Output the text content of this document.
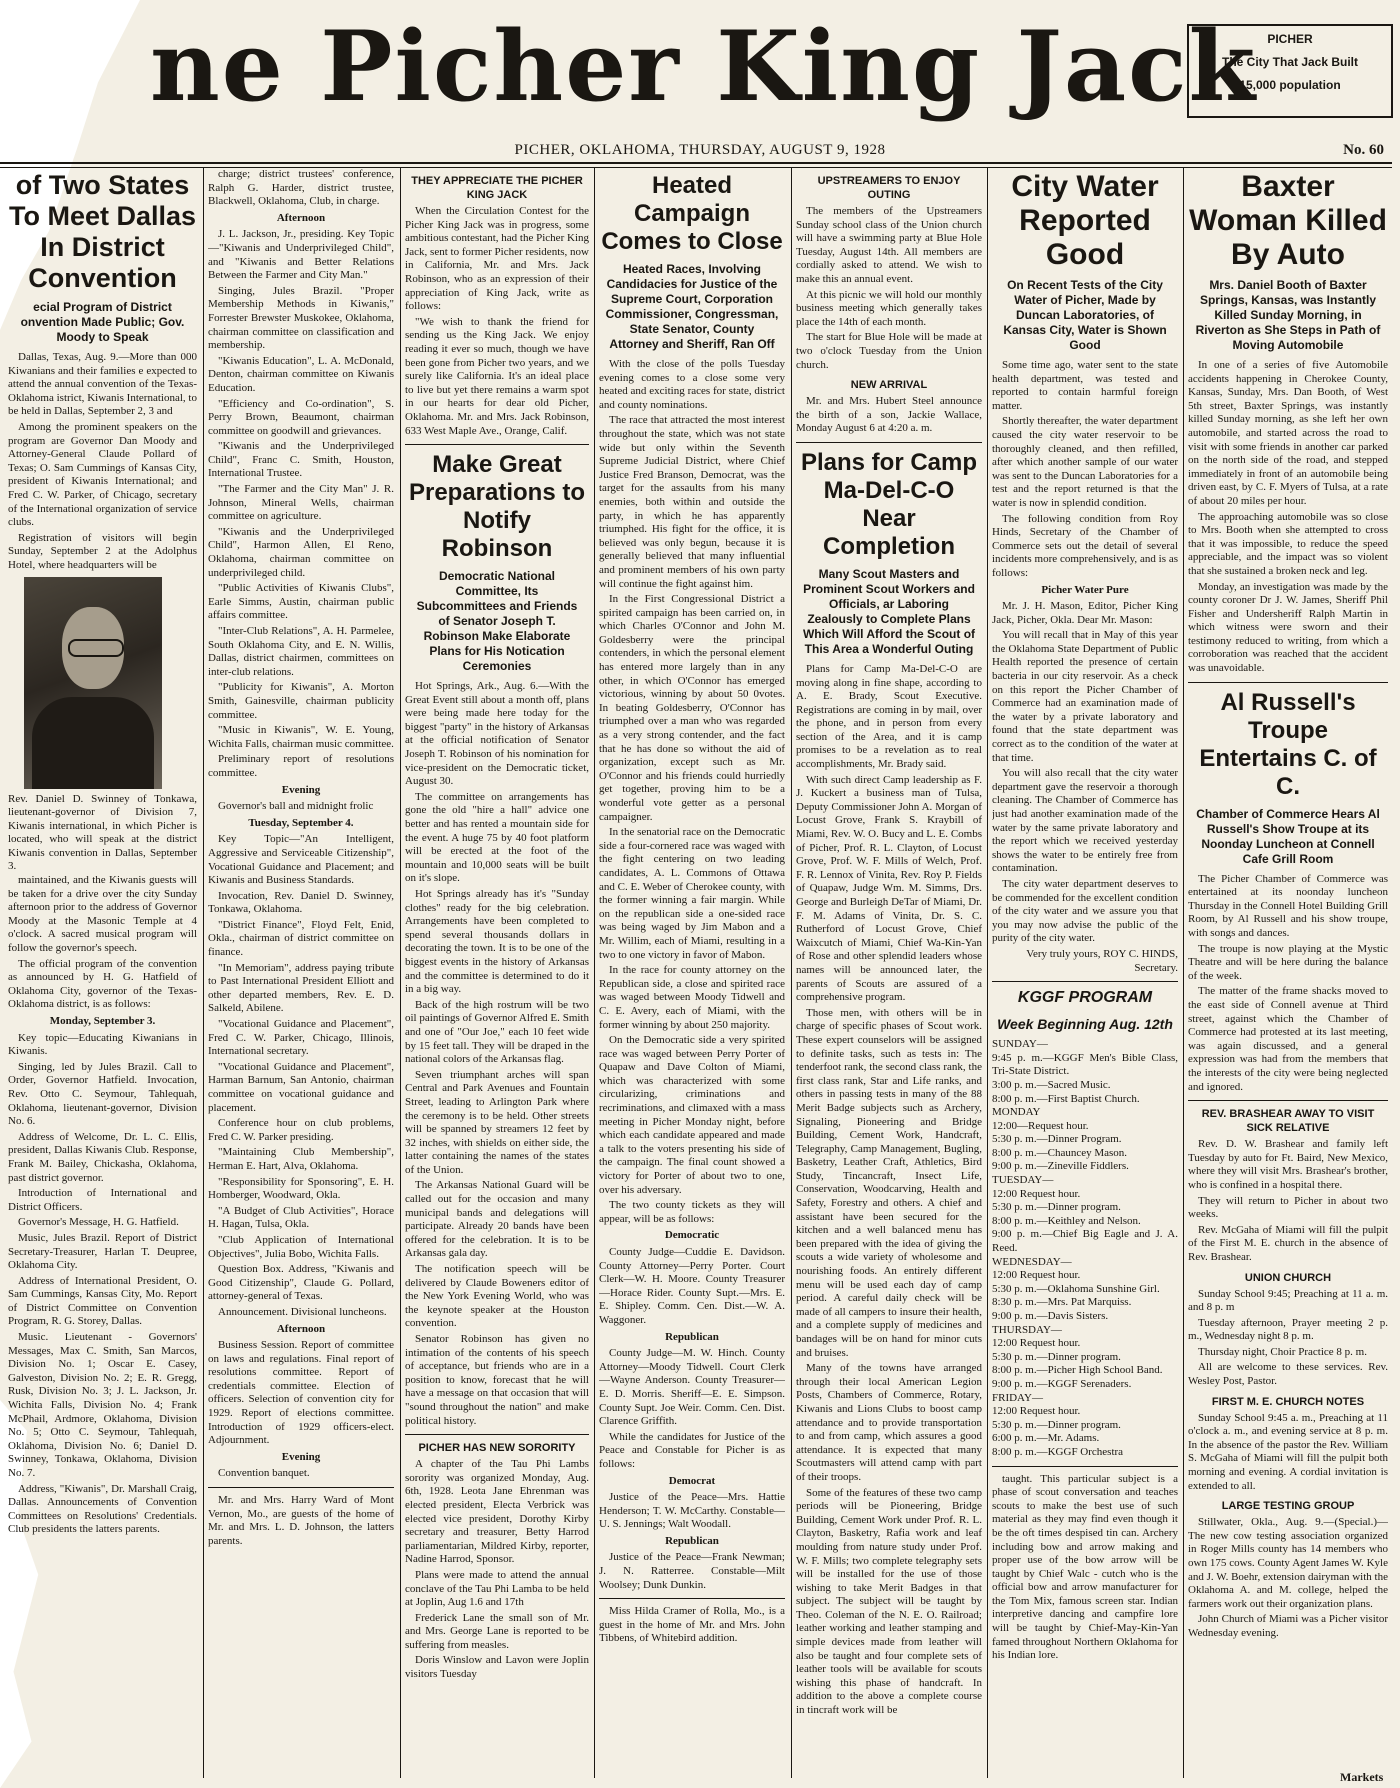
ne Picher King Jack PICHER
The City That Jack Built
15,000 population
PICHER, OKLAHOMA, THURSDAY, AUGUST 9, 1928	No. 60
of Two States To Meet Dallas In District Convention
ecial Program of District onvention Made Public; Gov. Moody to Speak

Dallas, Texas, Aug. 9.—More than 000 Kiwanians and their families e expected to attend the annual convention of the Texas-Oklahoma istrict, Kiwanis International, to be held in Dallas, September 2, 3 and

Among the prominent speakers on the program are Governor Dan Moody and Attorney-General Claude Pollard of Texas; O. Sam Cummings of Kansas City, president of Kiwanis International; and Fred C. W. Parker, of Chicago, secretary of the International organization of service clubs.

Registration of visitors will begin Sunday, September 2 at the Adolphus Hotel, where headquarters will be

Rev. Daniel D. Swinney of Tonkawa, lieutenant-governor of Division 7, Kiwanis international, in which Picher is located, who will speak at the district Kiwanis convention in Dallas, September 3.

maintained, and the Kiwanis guests will be taken for a drive over the city Sunday afternoon prior to the address of Governor Moody at the Masonic Temple at 4 o'clock. A sacred musical program will follow the governor's speech.

The official program of the convention as announced by H. G. Hatfield of Oklahoma City, governor of the Texas-Oklahoma district, is as follows:

Monday, September 3.

Key topic—Educating Kiwanians in Kiwanis.

Singing, led by Jules Brazil. Call to Order, Governor Hatfield. Invocation, Rev. Otto C. Seymour, Tahlequah, Oklahoma, lieutenant-governor, Division No. 6.

Address of Welcome, Dr. L. C. Ellis, president, Dallas Kiwanis Club. Response, Frank M. Bailey, Chickasha, Oklahoma, past district governor.

Introduction of International and District Officers.

Governor's Message, H. G. Hatfield.

Music, Jules Brazil. Report of District Secretary-Treasurer, Harlan T. Deupree, Oklahoma City.

Address of International President, O. Sam Cummings, Kansas City, Mo. Report of District Committee on Convention Program, R. G. Storey, Dallas.

Music. Lieutenant - Governors' Messages, Max C. Smith, San Marcos, Division No. 1; Oscar E. Casey, Galveston, Division No. 2; E. R. Gregg, Rusk, Division No. 3; J. L. Jackson, Jr. Wichita Falls, Division No. 4; Frank McPhail, Ardmore, Oklahoma, Division No. 5; Otto C. Seymour, Tahlequah, Oklahoma, Division No. 6; Daniel D. Swinney, Tonkawa, Oklahoma, Division No. 7.

Address, "Kiwanis", Dr. Marshall Craig, Dallas. Announcements of Convention Committees on Resolutions' Credentials. Club presidents the latters parents.

charge; district trustees' conference, Ralph G. Harder, district trustee, Blackwell, Oklahoma, Club, in charge.

Afternoon

J. L. Jackson, Jr., presiding. Key Topic—"Kiwanis and Underprivileged Child", and "Kiwanis and Better Relations Between the Farmer and City Man."

Singing, Jules Brazil. "Proper Membership Methods in Kiwanis," Forrester Brewster Muskokee, Oklahoma, chairman committee on classification and membership.

"Kiwanis Education", L. A. McDonald, Denton, chairman committee on Kiwanis Education.

"Efficiency and Co-ordination", S. Perry Brown, Beaumont, chairman committee on goodwill and grievances.

"Kiwanis and the Underprivileged Child", Franc C. Smith, Houston, International Trustee.

"The Farmer and the City Man" J. R. Johnson, Mineral Wells, chairman committee on agriculture.

"Kiwanis and the Underprivileged Child", Harmon Allen, El Reno, Oklahoma, chairman committee on underprivileged child.

"Public Activities of Kiwanis Clubs", Earle Simms, Austin, chairman public affairs committee.

"Inter-Club Relations", A. H. Parmelee, South Oklahoma City, and E. N. Willis, Dallas, district chairmen, committees on inter-club relations.

"Publicity for Kiwanis", A. Morton Smith, Gainesville, chairman publicity committee.

"Music in Kiwanis", W. E. Young, Wichita Falls, chairman music committee.

Preliminary report of resolutions committee.

Evening

Governor's ball and midnight frolic

Tuesday, September 4.

Key Topic—"An Intelligent, Aggressive and Serviceable Citizenship", Vocational Guidance and Placement; and Kiwanis and Business Standards.

Invocation, Rev. Daniel D. Swinney, Tonkawa, Oklahoma.

"District Finance", Floyd Felt, Enid, Okla., chairman of district committee on finance.

"In Memoriam", address paying tribute to Past International President Elliott and other departed members, Rev. E. D. Salkeld, Abilene.

"Vocational Guidance and Placement", Fred C. W. Parker, Chicago, Illinois, International secretary.

"Vocational Guidance and Placement", Harman Barnum, San Antonio, chairman committee on vocational guidance and placement.

Conference hour on club problems, Fred C. W. Parker presiding.

"Maintaining Club Membership", Herman E. Hart, Alva, Oklahoma.

"Responsibility for Sponsoring", E. H. Homberger, Woodward, Okla.

"A Budget of Club Activities", Horace H. Hagan, Tulsa, Okla.

"Club Application of International Objectives", Julia Bobo, Wichita Falls.

Question Box. Address, "Kiwanis and Good Citizenship", Claude G. Pollard, attorney-general of Texas.

Announcement. Divisional luncheons.

Afternoon

Business Session. Report of committee on laws and regulations. Final report of resolutions committee. Report of credentials committee. Election of officers. Selection of convention city for 1929. Report of elections committee. Introduction of 1929 officers-elect. Adjournment.

Evening

Convention banquet.

Mr. and Mrs. Harry Ward of Mont Vernon, Mo., are guests of the home of Mr. and Mrs. L. D. Johnson, the latters parents.

THEY APPRECIATE THE PICHER KING JACK

When the Circulation Contest for the Picher King Jack was in progress, some ambitious contestant, had the Picher King Jack, sent to former Picher residents, now in California, Mr. and Mrs. Jack Robinson, who as an expression of their appreciation of King Jack, write as follows:

"We wish to thank the friend for sending us the King Jack. We enjoy reading it ever so much, though we have been gone from Picher two years, and we surely like California. It's an ideal place to live but yet there remains a warm spot in our hearts for dear old Picher, Oklahoma. Mr. and Mrs. Jack Robinson, 633 West Maple Ave., Orange, Calif.

Make Great Preparations to Notify Robinson
Democratic National Committee, Its Subcommittees and Friends of Senator Joseph T. Robinson Make Elaborate Plans for His Notication Ceremonies

Hot Springs, Ark., Aug. 6.—With the Great Event still about a month off, plans were being made here today for the biggest "party" in the history of Arkansas at the official notification of Senator Joseph T. Robinson of his nomination for vice-president on the Democratic ticket, August 30.

The committee on arrangements has gone the old "hire a hall" advice one better and has rented a mountain side for the event. A huge 75 by 40 foot platform will be erected at the foot of the mountain and 10,000 seats will be built on it's slope.

Hot Springs already has it's "Sunday clothes" ready for the big celebration. Arrangements have been completed to spend several thousands dollars in decorating the town. It is to be one of the biggest events in the history of Arkansas and the committee is determined to do it in a big way.

Back of the high rostrum will be two oil paintings of Governor Alfred E. Smith and one of "Our Joe," each 10 feet wide by 15 feet tall. They will be draped in the national colors of the Arkansas flag.

Seven triumphant arches will span Central and Park Avenues and Fountain Street, leading to Arlington Park where the ceremony is to be held. Other streets will be spanned by streamers 12 feet by 32 inches, with shields on either side, the latter containing the names of the states of the Union.

The Arkansas National Guard will be called out for the occasion and many municipal bands and delegations will participate. Already 20 bands have been offered for the celebration. It is to be Arkansas gala day.

The notification speech will be delivered by Claude Boweners editor of the New York Evening World, who was the keynote speaker at the Houston convention.

Senator Robinson has given no intimation of the contents of his speech of acceptance, but friends who are in a position to know, forecast that he will have a message on that occasion that will "sound throughout the nation" and make political history.

PICHER HAS NEW SORORITY

A chapter of the Tau Phi Lambs sorority was organized Monday, Aug. 6th, 1928. Leota Jane Ehrenman was elected president, Electa Verbrick was elected vice president, Dorothy Kirby secretary and treasurer, Betty Harrod parliamentarian, Mildred Kirby, reporter, Nadine Harrod, Sponsor.

Plans were made to attend the annual conclave of the Tau Phi Lamba to be held at Joplin, Aug 1.6 and 17th

Frederick Lane the small son of Mr. and Mrs. George Lane is reported to be suffering from measles.

Doris Winslow and Lavon were Joplin visitors Tuesday

Heated Campaign Comes to Close
Heated Races, Involving Candidacies for Justice of the Supreme Court, Corporation Commissioner, Congressman, State Senator, County Attorney and Sheriff, Ran Off

With the close of the polls Tuesday evening comes to a close some very heated and exciting races for state, district and county nominations.

The race that attracted the most interest throughout the state, which was not state wide but only within the Seventh Supreme Judicial District, where Chief Justice Fred Branson, Democrat, was the target for the assaults from his many enemies, both within and outside the party, in which he has apparently triumphed. His fight for the office, it is believed was only begun, because it is generally believed that many influential and prominent members of his own party will continue the fight against him.

In the First Congressional District a spirited campaign has been carried on, in which Charles O'Connor and John M. Goldesberry were the principal contenders, in which the personal element has entered more largely than in any other, in which O'Connor has emerged victorious, winning by about 50 0votes. In beating Goldesberry, O'Connor has triumphed over a man who was regarded as a very strong contender, and the fact that he has done so without the aid of organization, except such as Mr. O'Connor and his friends could hurriedly get together, proving him to be a wonderful vote getter as a personal campaigner.

In the senatorial race on the Democratic side a four-cornered race was waged with the fight centering on two leading candidates, A. L. Commons of Ottawa and C. E. Weber of Cherokee county, with the former winning a fair margin. While on the republican side a one-sided race was being waged by Jim Mabon and a Mr. Willim, each of Miami, resulting in a two to one victory in favor of Mabon.

In the race for county attorney on the Republican side, a close and spirited race was waged between Moody Tidwell and C. E. Avery, each of Miami, with the former winning by about 250 majority.

On the Democratic side a very spirited race was waged between Perry Porter of Quapaw and Dave Colton of Miami, which was characterized with some circularizing, criminations and recriminations, and climaxed with a mass meeting in Picher Monday night, before which each candidate appeared and made a talk to the voters presenting his side of the campaign. The final count showed a victory for Porter of about two to one, over his adversary.

The two county tickets as they will appear, will be as follows:

Democratic

County Judge—Cuddie E. Davidson. County Attorney—Perry Porter. Court Clerk—W. H. Moore. County Treasurer—Horace Rider. County Supt.—Mrs. E. E. Shipley. Comm. Cen. Dist.—W. A. Waggoner.

Republican

County Judge—M. W. Hinch. County Attorney—Moody Tidwell. Court Clerk—Wayne Anderson. County Treasurer—E. D. Morris. Sheriff—E. E. Simpson. County Supt. Joe Weir. Comm. Cen. Dist. Clarence Griffith.

While the candidates for Justice of the Peace and Constable for Picher is as follows:

Democrat

Justice of the Peace—Mrs. Hattie Henderson; T. W. McCarthy. Constable—U. S. Jennings; Walt Woodall.

Republican

Justice of the Peace—Frank Newman; J. N. Ratterree. Constable—Milt Woolsey; Dunk Dunkin.

Miss Hilda Cramer of Rolla, Mo., is a guest in the home of Mr. and Mrs. John Tibbens, of Whitebird addition.

UPSTREAMERS TO ENJOY OUTING

The members of the Upstreamers Sunday school class of the Union church will have a swimming party at Blue Hole Tuesday, August 14th. All members are cordially asked to attend. We wish to make this an annual event.

At this picnic we will hold our monthly business meeting which generally takes place the 14th of each month.

The start for Blue Hole will be made at two o'clock Tuesday from the Union church.

NEW ARRIVAL

Mr. and Mrs. Hubert Steel announce the birth of a son, Jackie Wallace, Monday August 6 at 4:20 a. m.

Plans for Camp Ma-Del-C-O Near Completion
Many Scout Masters and Prominent Scout Workers and Officials, ar Laboring Zealously to Complete Plans Which Will Afford the Scout of This Area a Wonderful Outing

Plans for Camp Ma-Del-C-O are moving along in fine shape, according to A. E. Brady, Scout Executive. Registrations are coming in by mail, over the phone, and in person from every section of the Area, and it is camp promises to be a revelation as to real accomplishments, Mr. Brady said.

With such direct Camp leadership as F. J. Kuckert a business man of Tulsa, Deputy Commissioner John A. Morgan of Locust Grove, Frank S. Kraybill of Miami, Rev. W. O. Bucy and L. E. Combs of Picher, Prof. R. L. Clayton, of Locust Grove, Prof. W. F. Mills of Welch, Prof. F. R. Lennox of Vinita, Rev. Roy P. Fields of Quapaw, Judge Wm. M. Simms, Drs. George and Burleigh DeTar of Miami, Dr. F. M. Adams of Vinita, Dr. S. C. Rutherford of Locust Grove, Chief Waixcutch of Miami, Chief Wa-Kin-Yan of Rose and other splendid leaders whose names will be announced later, the parents of Scouts are assured of a comprehensive program.

Those men, with others will be in charge of specific phases of Scout work. These expert counselors will be assigned to definite tasks, such as tests in: The tenderfoot rank, the second class rank, the first class rank, Star and Life ranks, and others in passing tests in many of the 88 Merit Badge subjects such as Archery, Signaling, Pioneering and Bridge Building, Cement Work, Handcraft, Telegraphy, Camp Management, Bugling, Basketry, Leather Craft, Athletics, Bird Study, Tincancraft, Insect Life, Conservation, Woodcarving, Health and Safety, Forestry and others. A chief and assistant have been secured for the kitchen and a well balanced menu has been prepared with the idea of giving the scouts a wide variety of wholesome and nourishing foods. An entirely different menu will be used each day of camp period. A careful daily check will be made of all campers to insure their health, and a complete supply of medicines and bandages will be on hand for minor cuts and bruises.

Many of the towns have arranged through their local American Legion Posts, Chambers of Commerce, Rotary, Kiwanis and Lions Clubs to boost camp attendance and to provide transportation to and from camp, which assures a good attendance. It is expected that many Scoutmasters will attend camp with part of their troops.

Some of the features of these two camp periods will be Pioneering, Bridge Building, Cement Work under Prof. R. L. Clayton, Basketry, Rafia work and leaf moulding from nature study under Prof. W. F. Mills; two complete telegraphy sets will be installed for the use of those wishing to take Merit Badges in that subject. The subject will be taught by Theo. Coleman of the N. E. O. Railroad; leather working and leather stamping and simple devices made from leather will also be taught and four complete sets of leather tools will be available for scouts wishing this phase of handcraft. In addition to the above a complete course in tincraft work will be

City Water Reported Good
On Recent Tests of the City Water of Picher, Made by Duncan Laboratories, of Kansas City, Water is Shown Good

Some time ago, water sent to the state health department, was tested and reported to contain harmful foreign matter.

Shortly thereafter, the water department caused the city water reservoir to be thoroughly cleaned, and then refilled, after which another sample of our water was sent to the Duncan Laboratories for a test and the report returned is that the water is now in splendid condition.

The following condition from Roy Hinds, Secretary of the Chamber of Commerce sets out the detail of several incidents more comprehensively, and is as follows:

Picher Water Pure

Mr. J. H. Mason, Editor, Picher King Jack, Picher, Okla. Dear Mr. Mason:

You will recall that in May of this year the Oklahoma State Department of Public Health reported the presence of certain bacteria in our city reservoir. As a check on this report the Picher Chamber of Commerce had an examination made of the water by a private laboratory and found that the state department was correct as to the condition of the water at that time.

You will also recall that the city water department gave the reservoir a thorough cleaning. The Chamber of Commerce has just had another examination made of the water by the same private laboratory and the report which we received yesterday shows the water to be entirely free from contamination.

The city water department deserves to be commended for the excellent condition of the city water and we assure you that you may now advise the public of the purity of the city water.

Very truly yours, ROY C. HINDS, Secretary.

KGGF PROGRAM
Week Beginning Aug. 12th
SUNDAY—
9:45 p. m.—KGGF Men's Bible Class, Tri-State District.
3:00 p. m.—Sacred Music.
8:00 p. m.—First Baptist Church.
MONDAY
12:00—Request hour.
5:30 p. m.—Dinner Program.
8:00 p. m.—Chauncey Mason.
9:00 p. m.—Zineville Fiddlers.
TUESDAY—
12:00 Request hour.
5:30 p. m.—Dinner program.
8:00 p. m.—Keithley and Nelson.
9:00 p. m.—Chief Big Eagle and J. A. Reed.
WEDNESDAY—
12:00 Request hour.
5:30 p. m.—Oklahoma Sunshine Girl.
8:30 p. m.—Mrs. Pat Marquiss.
9:00 p. m.—Davis Sisters.
THURSDAY—
12:00 Request hour.
5:30 p. m.—Dinner program.
8:00 p. m.—Picher High School Band.
9:00 p. m.—KGGF Serenaders.
FRIDAY—
12:00 Request hour.
5:30 p. m.—Dinner program.
6:00 p. m.—Mr. Adams.
8:00 p. m.—KGGF Orchestra

taught. This particular subject is a phase of scout conversation and teaches scouts to make the best use of such material as they may find even though it be the oft times despised tin can. Archery including bow and arrow making and proper use of the bow arrow will be taught by Chief Walc - cutch who is the official bow and arrow manufacturer for the Tom Mix, famous screen star. Indian interpretive dancing and campfire lore will be taught by Chief-May-Kin-Yan famed throughout Northern Oklahoma for his Indian lore.

Baxter Woman Killed By Auto
Mrs. Daniel Booth of Baxter Springs, Kansas, was Instantly Killed Sunday Morning, in Riverton as She Steps in Path of Moving Automobile

In one of a series of five Automobile accidents happening in Cherokee County, Kansas, Sunday, Mrs. Dan Booth, of West 5th street, Baxter Springs, was instantly killed Sunday morning, as she left her own automobile, and started across the road to visit with some friends in another car parked on the north side of the road, and stepped immediately in front of an automobile being driven east, by C. F. Myers of Tulsa, at a rate of about 20 miles per hour.

The approaching automobile was so close to Mrs. Booth when she attempted to cross that it was impossible, to reduce the speed appreciable, and the impact was so violent that she sustained a broken neck and leg.

Monday, an investigation was made by the county coroner Dr J. W. James, Sheriff Phil Fisher and Undersheriff Ralph Martin in which witness were sworn and their testimony reduced to writing, from which a corroboration was reached that the accident was unavoidable.

Al Russell's Troupe Entertains C. of C.
Chamber of Commerce Hears Al Russell's Show Troupe at its Noonday Luncheon at Connell Cafe Grill Room

The Picher Chamber of Commerce was entertained at its noonday luncheon Thursday in the Connell Hotel Building Grill Room, by Al Russell and his show troupe, with songs and dances.

The troupe is now playing at the Mystic Theatre and will be here during the balance of the week.

The matter of the frame shacks moved to the east side of Connell avenue at Third street, against which the Chamber of Commerce had protested at its last meeting, was again discussed, and a general expression was had from the members that the interests of the city were being neglected and ignored.

REV. BRASHEAR AWAY TO VISIT SICK RELATIVE

Rev. D. W. Brashear and family left Tuesday by auto for Ft. Baird, New Mexico, where they will visit Mrs. Brashear's brother, who is confined in a hospital there.

They will return to Picher in about two weeks.

Rev. McGaha of Miami will fill the pulpit of the First M. E. church in the absence of Rev. Brashear.

UNION CHURCH

Sunday School 9:45; Preaching at 11 a. m. and 8 p. m

Tuesday afternoon, Prayer meeting 2 p. m., Wednesday night 8 p. m.

Thursday night, Choir Practice 8 p. m.

All are welcome to these services. Rev. Wesley Post, Pastor.

FIRST M. E. CHURCH NOTES

Sunday School 9:45 a. m., Preaching at 11 o'clock a. m., and evening service at 8 p. m. In the absence of the pastor the Rev. William S. McGaha of Miami will fill the pulpit both morning and evening. A cordial invitation is extended to all.

LARGE TESTING GROUP

Stillwater, Okla., Aug. 9.—(Special.)—The new cow testing association organized in Roger Mills county has 14 members who own 175 cows. County Agent James W. Kyle and J. W. Boehr, extension dairyman with the Oklahoma A. and M. college, helped the farmers work out their organization plans.

John Church of Miami was a Picher visitor Wednesday evening.

Markets
